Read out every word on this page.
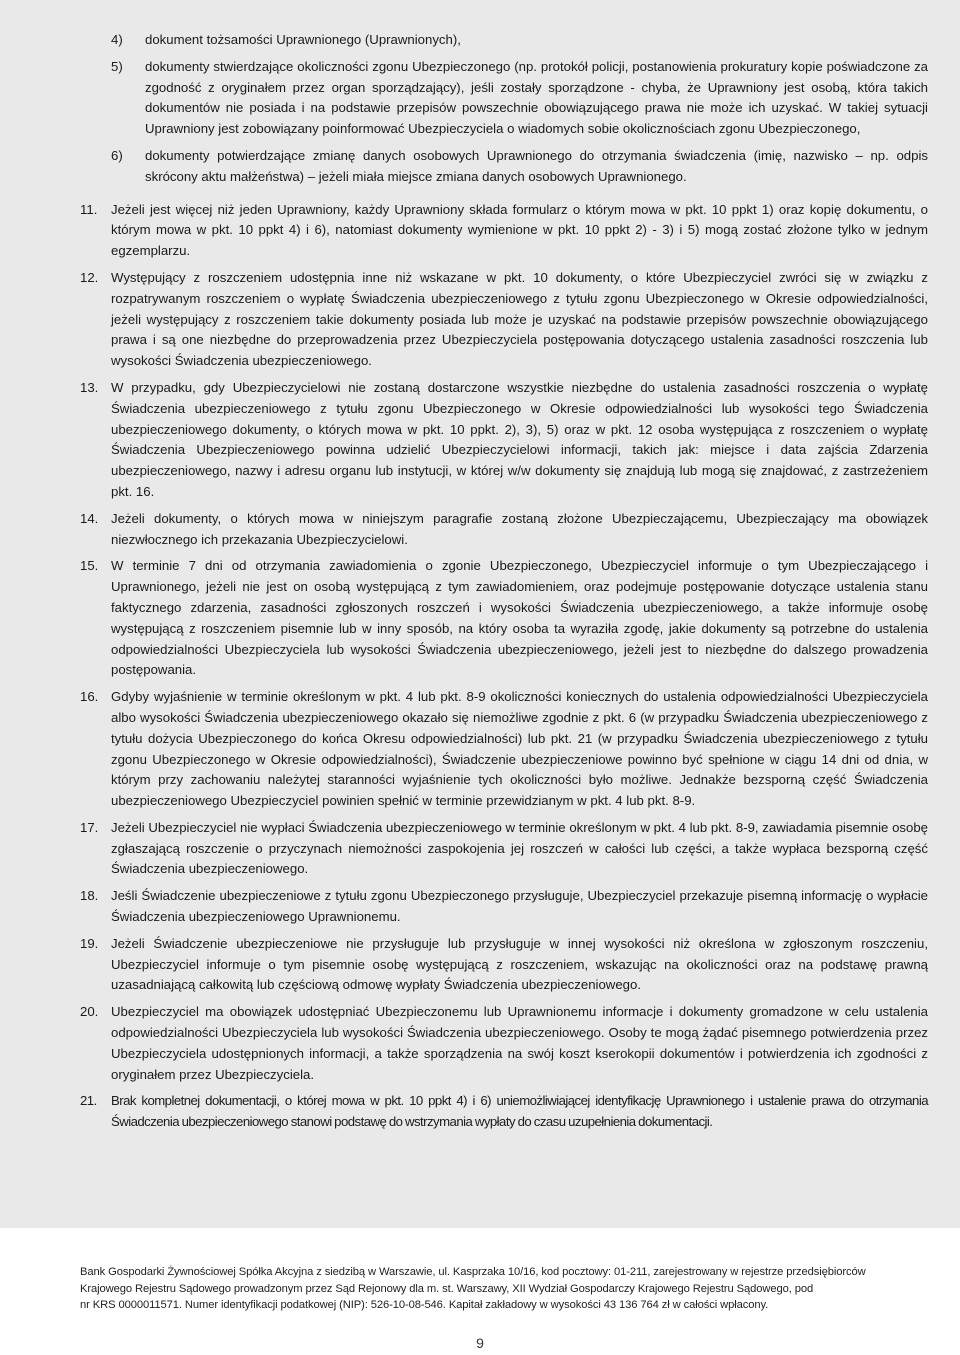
4) dokument tożsamości Uprawnionego (Uprawnionych),
5) dokumenty stwierdzające okoliczności zgonu Ubezpieczonego (np. protokół policji, postanowienia prokuratury kopie poświadczone za zgodność z oryginałem przez organ sporządzający), jeśli zostały sporządzone - chyba, że Uprawniony jest osobą, która takich dokumentów nie posiada i na podstawie przepisów powszechnie obowiązującego prawa nie może ich uzyskać. W takiej sytuacji Uprawniony jest zobowiązany poinformować Ubezpieczyciela o wiadomych sobie okolicznościach zgonu Ubezpieczonego,
6) dokumenty potwierdzające zmianę danych osobowych Uprawnionego do otrzymania świadczenia (imię, nazwisko – np. odpis skrócony aktu małżeństwa) – jeżeli miała miejsce zmiana danych osobowych Uprawnionego.
11. Jeżeli jest więcej niż jeden Uprawniony, każdy Uprawniony składa formularz o którym mowa w pkt. 10 ppkt 1) oraz kopię dokumentu, o którym mowa w pkt. 10 ppkt 4) i 6), natomiast dokumenty wymienione w pkt. 10 ppkt 2) - 3) i 5) mogą zostać złożone tylko w jednym egzemplarzu.
12. Występujący z roszczeniem udostępnia inne niż wskazane w pkt. 10 dokumenty, o które Ubezpieczyciel zwróci się w związku z rozpatrywanym roszczeniem o wypłatę Świadczenia ubezpieczeniowego z tytułu zgonu Ubezpieczonego w Okresie odpowiedzialności, jeżeli występujący z roszczeniem takie dokumenty posiada lub może je uzyskać na podstawie przepisów powszechnie obowiązującego prawa i są one niezbędne do przeprowadzenia przez Ubezpieczyciela postępowania dotyczącego ustalenia zasadności roszczenia lub wysokości Świadczenia ubezpieczeniowego.
13. W przypadku, gdy Ubezpieczycielowi nie zostaną dostarczone wszystkie niezbędne do ustalenia zasadności roszczenia o wypłatę Świadczenia ubezpieczeniowego z tytułu zgonu Ubezpieczonego w Okresie odpowiedzialności lub wysokości tego Świadczenia ubezpieczeniowego dokumenty, o których mowa w pkt. 10 ppkt. 2), 3), 5) oraz w pkt. 12 osoba występująca z roszczeniem o wypłatę Świadczenia Ubezpieczeniowego powinna udzielić Ubezpieczycielowi informacji, takich jak: miejsce i data zajścia Zdarzenia ubezpieczeniowego, nazwy i adresu organu lub instytucji, w której w/w dokumenty się znajdują lub mogą się znajdować, z zastrzeżeniem pkt. 16.
14. Jeżeli dokumenty, o których mowa w niniejszym paragrafie zostaną złożone Ubezpieczającemu, Ubezpieczający ma obowiązek niezwłocznego ich przekazania Ubezpieczycielowi.
15. W terminie 7 dni od otrzymania zawiadomienia o zgonie Ubezpieczonego, Ubezpieczyciel informuje o tym Ubezpieczającego i Uprawnionego, jeżeli nie jest on osobą występującą z tym zawiadomieniem, oraz podejmuje postępowanie dotyczące ustalenia stanu faktycznego zdarzenia, zasadności zgłoszonych roszczeń i wysokości Świadczenia ubezpieczeniowego, a także informuje osobę występującą z roszczeniem pisemnie lub w inny sposób, na który osoba ta wyraziła zgodę, jakie dokumenty są potrzebne do ustalenia odpowiedzialności Ubezpieczyciela lub wysokości Świadczenia ubezpieczeniowego, jeżeli jest to niezbędne do dalszego prowadzenia postępowania.
16. Gdyby wyjaśnienie w terminie określonym w pkt. 4 lub pkt. 8-9 okoliczności koniecznych do ustalenia odpowiedzialności Ubezpieczyciela albo wysokości Świadczenia ubezpieczeniowego okazało się niemożliwe zgodnie z pkt. 6 (w przypadku Świadczenia ubezpieczeniowego z tytułu dożycia Ubezpieczonego do końca Okresu odpowiedzialności) lub pkt. 21 (w przypadku Świadczenia ubezpieczeniowego z tytułu zgonu Ubezpieczonego w Okresie odpowiedzialności), Świadczenie ubezpieczeniowe powinno być spełnione w ciągu 14 dni od dnia, w którym przy zachowaniu należytej staranności wyjaśnienie tych okoliczności było możliwe. Jednakże bezsporną część Świadczenia ubezpieczeniowego Ubezpieczyciel powinien spełnić w terminie przewidzianym w pkt. 4 lub pkt. 8-9.
17. Jeżeli Ubezpieczyciel nie wypłaci Świadczenia ubezpieczeniowego w terminie określonym w pkt. 4 lub pkt. 8-9, zawiadamia pisemnie osobę zgłaszającą roszczenie o przyczynach niemożności zaspokojenia jej roszczeń w całości lub części, a także wypłaca bezsporną część Świadczenia ubezpieczeniowego.
18. Jeśli Świadczenie ubezpieczeniowe z tytułu zgonu Ubezpieczonego przysługuje, Ubezpieczyciel przekazuje pisemną informację o wypłacie Świadczenia ubezpieczeniowego Uprawnionemu.
19. Jeżeli Świadczenie ubezpieczeniowe nie przysługuje lub przysługuje w innej wysokości niż określona w zgłoszonym roszczeniu, Ubezpieczyciel informuje o tym pisemnie osobę występującą z roszczeniem, wskazując na okoliczności oraz na podstawę prawną uzasadniającą całkowitą lub częściową odmowę wypłaty Świadczenia ubezpieczeniowego.
20. Ubezpieczyciel ma obowiązek udostępniać Ubezpieczonemu lub Uprawnionemu informacje i dokumenty gromadzone w celu ustalenia odpowiedzialności Ubezpieczyciela lub wysokości Świadczenia ubezpieczeniowego. Osoby te mogą żądać pisemnego potwierdzenia przez Ubezpieczyciela udostępnionych informacji, a także sporządzenia na swój koszt kserokopii dokumentów i potwierdzenia ich zgodności z oryginałem przez Ubezpieczyciela.
21. Brak kompletnej dokumentacji, o której mowa w pkt. 10 ppkt 4) i 6) uniemożliwiającej identyfikację Uprawnionego i ustalenie prawa do otrzymania Świadczenia ubezpieczeniowego stanowi podstawę do wstrzymania wypłaty do czasu uzupełnienia dokumentacji.
Bank Gospodarki Żywnościowej Spółka Akcyjna z siedzibą w Warszawie, ul. Kasprzaka 10/16, kod pocztowy: 01-211, zarejestrowany w rejestrze przedsiębiorców
Krajowego Rejestru Sądowego prowadzonym przez Sąd Rejonowy dla m. st. Warszawy, XII Wydział Gospodarczy Krajowego Rejestru Sądowego, pod
nr KRS 0000011571. Numer identyfikacji podatkowej (NIP): 526-10-08-546. Kapitał zakładowy w wysokości 43 136 764 zł w całości wpłacony.
9
